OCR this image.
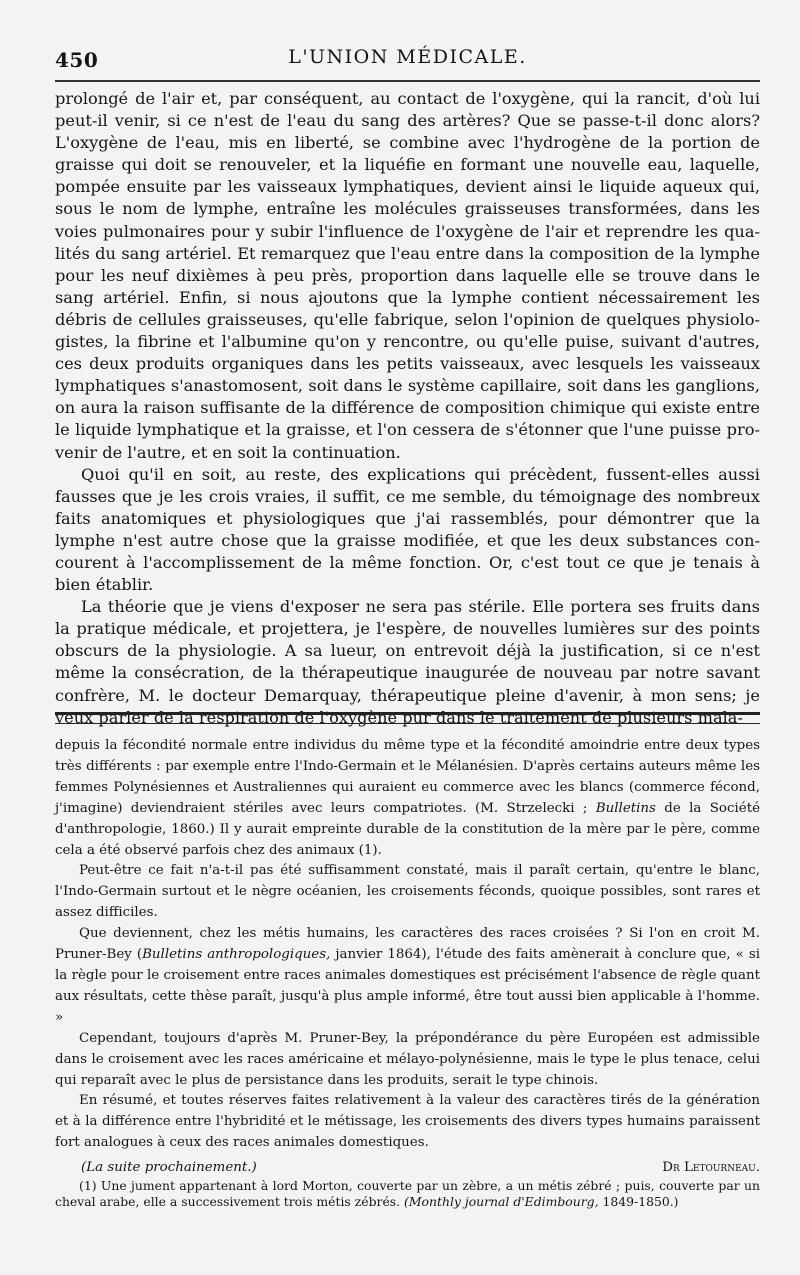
450	L'UNION MÉDICALE.

prolongé de l'air et, par conséquent, au contact de l'oxygène, qui la rancit, d'où lui peut-il venir, si ce n'est de l'eau du sang des artères? Que se passe-t-il donc alors? L'oxygène de l'eau, mis en liberté, se combine avec l'hydrogène de la portion de graisse qui doit se renouveler, et la liquéfie en formant une nouvelle eau, laquelle, pompée ensuite par les vaisseaux lymphatiques, devient ainsi le liquide aqueux qui, sous le nom de lymphe, entraîne les molécules graisseuses transformées, dans les voies pulmonaires pour y subir l'influence de l'oxygène de l'air et reprendre les qualités du sang artériel. Et remarquez que l'eau entre dans la composition de la lymphe pour les neuf dixièmes à peu près, proportion dans laquelle elle se trouve dans le sang artériel. Enfin, si nous ajoutons que la lymphe contient nécessairement les débris de cellules graisseuses, qu'elle fabrique, selon l'opinion de quelques physiologistes, la fibrine et l'albumine qu'on y rencontre, ou qu'elle puise, suivant d'autres, ces deux produits organiques dans les petits vaisseaux, avec lesquels les vaisseaux lymphatiques s'anastomosent, soit dans le système capillaire, soit dans les ganglions, on aura la raison suffisante de la différence de composition chimique qui existe entre le liquide lymphatique et la graisse, et l'on cessera de s'étonner que l'une puisse provenir de l'autre, et en soit la continuation.

Quoi qu'il en soit, au reste, des explications qui précèdent, fussent-elles aussi fausses que je les crois vraies, il suffit, ce me semble, du témoignage des nombreux faits anatomiques et physiologiques que j'ai rassemblés, pour démontrer que la lymphe n'est autre chose que la graisse modifiée, et que les deux substances concourent à l'accomplissement de la même fonction. Or, c'est tout ce que je tenais à bien établir.

La théorie que je viens d'exposer ne sera pas stérile. Elle portera ses fruits dans la pratique médicale, et projettera, je l'espère, de nouvelles lumières sur des points obscurs de la physiologie. A sa lueur, on entrevoit déjà la justification, si ce n'est même la consécration, de la thérapeutique inaugurée de nouveau par notre savant confrère, M. le docteur Demarquay, thérapeutique pleine d'avenir, à mon sens; je veux parler de la respiration de l'oxygène pur dans le traitement de plusieurs mala-

depuis la fécondité normale entre individus du même type et la fécondité amoindrie entre deux types très différents : par exemple entre l'Indo-Germain et le Mélanésien. D'après certains auteurs même les femmes Polynésiennes et Australiennes qui auraient eu commerce avec les blancs (commerce fécond, j'imagine) deviendraient stériles avec leurs compatriotes. (M. Strzelecki ; Bulletins de la Société d'anthropologie, 1860.) Il y aurait empreinte durable de la constitution de la mère par le père, comme cela a été observé parfois chez des animaux (1).

Peut-être ce fait n'a-t-il pas été suffisamment constaté, mais il paraît certain, qu'entre le blanc, l'Indo-Germain surtout et le nègre océanien, les croisements féconds, quoique possibles, sont rares et assez difficiles.

Que deviennent, chez les métis humains, les caractères des races croisées ? Si l'on en croit M. Pruner-Bey (Bulletins anthropologiques, janvier 1864), l'étude des faits amènerait à conclure que, « si la règle pour le croisement entre races animales domestiques est précisément l'absence de règle quant aux résultats, cette thèse paraît, jusqu'à plus ample informé, être tout aussi bien applicable à l'homme. »

Cependant, toujours d'après M. Pruner-Bey, la prépondérance du père Européen est admissible dans le croisement avec les races américaine et mélayo-polynésienne, mais le type le plus tenace, celui qui reparaît avec le plus de persistance dans les produits, serait le type chinois.

En résumé, et toutes réserves faites relativement à la valeur des caractères tirés de la génération et à la différence entre l'hybridité et le métissage, les croisements des divers types humains paraissent fort analogues à ceux des races animales domestiques.

(La suite prochainement.)	Dr Letourneau.

(1) Une jument appartenant à lord Morton, couverte par un zèbre, a un métis zébré ; puis, couverte par un cheval arabe, elle a successivement trois métis zébrés. (Monthly journal d'Edimbourg, 1849-1850.)
